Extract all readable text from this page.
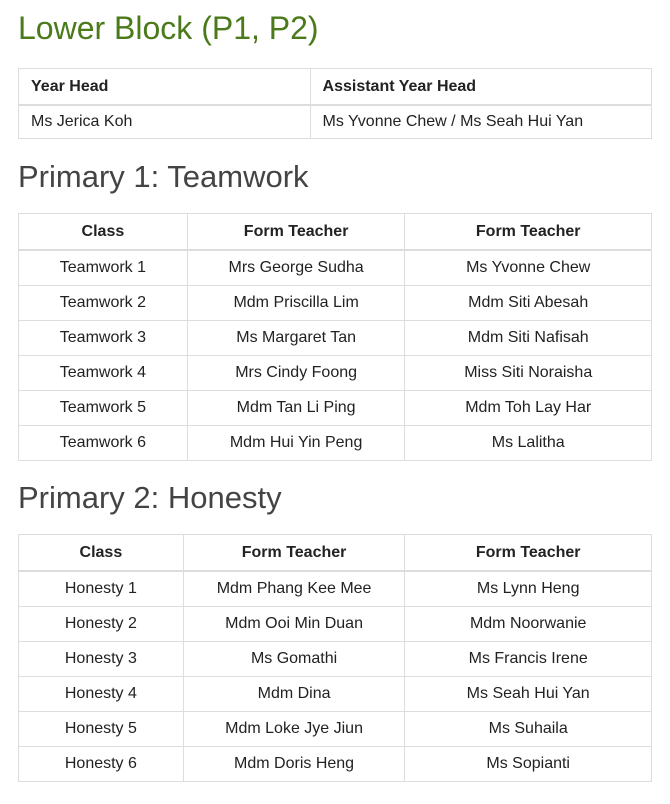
Lower Block (P1, P2)
Year Head	Assistant Year Head
Ms Jerica Koh	Ms Yvonne Chew / Ms Seah Hui Yan
Primary 1: Teamwork
Class	Form Teacher	Form Teacher
Teamwork 1	Mrs George Sudha	Ms Yvonne Chew
Teamwork 2	Mdm Priscilla Lim	Mdm Siti Abesah
Teamwork 3	Ms Margaret Tan	Mdm Siti Nafisah
Teamwork 4	Mrs Cindy Foong	Miss Siti Noraisha
Teamwork 5	Mdm Tan Li Ping	Mdm Toh Lay Har
Teamwork 6	Mdm Hui Yin Peng	Ms Lalitha
Primary 2: Honesty
Class	Form Teacher	Form Teacher
Honesty 1	Mdm Phang Kee Mee	Ms Lynn Heng
Honesty 2	Mdm Ooi Min Duan	Mdm Noorwanie
Honesty 3	Ms Gomathi	Ms Francis Irene
Honesty 4	Mdm Dina	Ms Seah Hui Yan
Honesty 5	Mdm Loke Jye Jiun	Ms Suhaila
Honesty 6	Mdm Doris Heng	Ms Sopianti
